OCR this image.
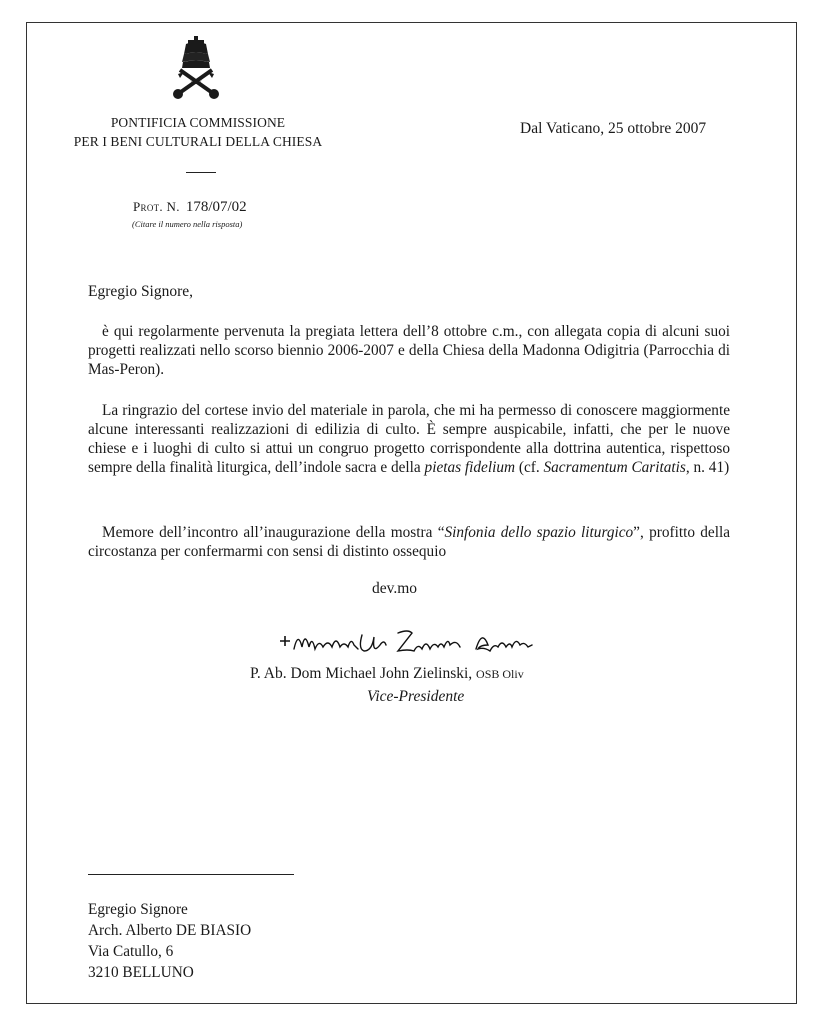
PONTIFICIA COMMISSIONE
PER I BENI CULTURALI DELLA CHIESA
Dal Vaticano, 25 ottobre 2007
Prot. N. 178/07/02
(Citare il numero nella risposta)
Egregio Signore,
è qui regolarmente pervenuta la pregiata lettera dell’8 ottobre c.m., con allegata copia di alcuni suoi progetti realizzati nello scorso biennio 2006-2007 e della Chiesa della Madonna Odigitria (Parrocchia di Mas-Peron).
La ringrazio del cortese invio del materiale in parola, che mi ha permesso di conoscere maggiormente alcune interessanti realizzazioni di edilizia di culto. È sempre auspicabile, infatti, che per le nuove chiese e i luoghi di culto si attui un congruo progetto corrispondente alla dottrina autentica, rispettoso sempre della finalità liturgica, dell’indole sacra e della pietas fidelium (cf. Sacramentum Caritatis, n. 41)
Memore dell’incontro all’inaugurazione della mostra “Sinfonia dello spazio liturgico”, profitto della circostanza per confermarmi con sensi di distinto ossequio
dev.mo
P. Ab. Dom Michael John Zielinski, OSB Oliv
Vice-Presidente
Egregio Signore
Arch. Alberto DE BIASIO
Via Catullo, 6
3210 BELLUNO
